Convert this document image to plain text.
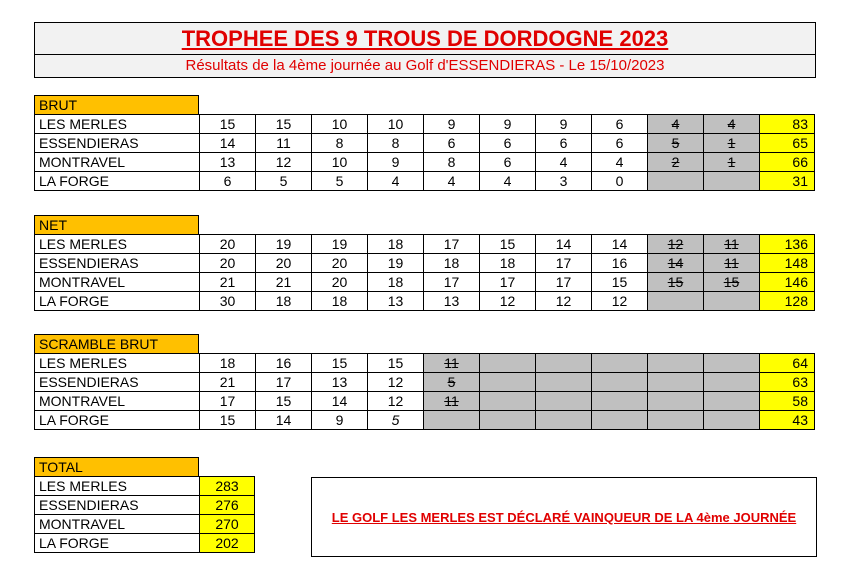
TROPHEE DES 9 TROUS DE DORDOGNE 2023
Résultats de la 4ème journée au Golf d'ESSENDIERAS - Le 15/10/2023
BRUT
LES MERLES	15	15	10	10	9	9	9	6	4	4	83
ESSENDIERAS	14	11	8	8	6	6	6	6	5	1	65
MONTRAVEL	13	12	10	9	8	6	4	4	2	1	66
LA FORGE	6	5	5	4	4	4	3	0			31
NET
LES MERLES	20	19	19	18	17	15	14	14	12	11	136
ESSENDIERAS	20	20	20	19	18	18	17	16	14	11	148
MONTRAVEL	21	21	20	18	17	17	17	15	15	15	146
LA FORGE	30	18	18	13	13	12	12	12			128
SCRAMBLE BRUT
LES MERLES	18	16	15	15	11						64
ESSENDIERAS	21	17	13	12	5						63
MONTRAVEL	17	15	14	12	11						58
LA FORGE	15	14	9	5							43
TOTAL
LES MERLES	283
ESSENDIERAS	276
MONTRAVEL	270
LA FORGE	202
LE GOLF LES MERLES EST DÉCLARÉ VAINQUEUR DE LA 4ème JOURNÉE
